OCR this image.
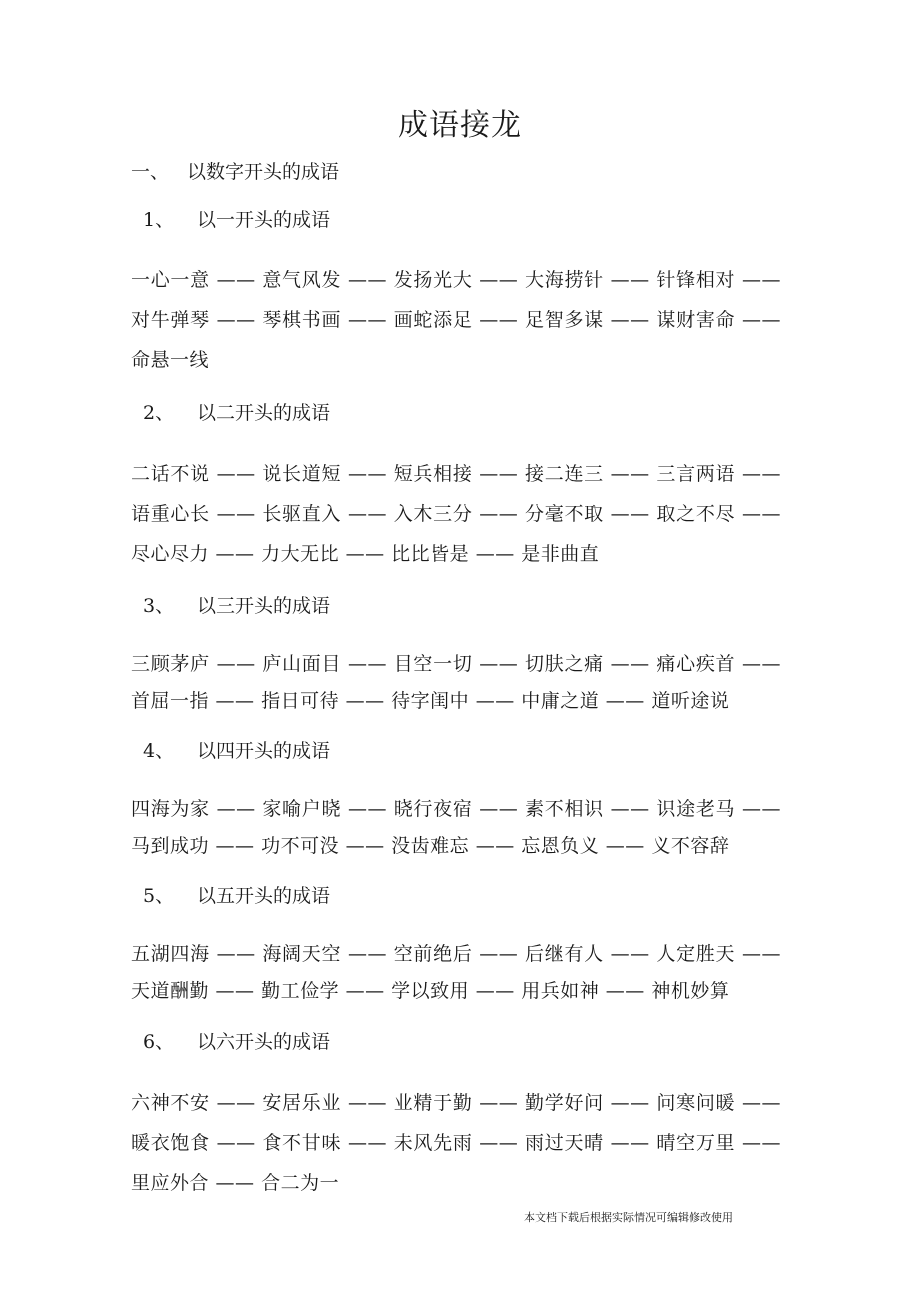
成语接龙
一、 以数字开头的成语
1、 以一开头的成语

一心一意 —— 意气风发 —— 发扬光大 —— 大海捞针 —— 针锋相对 —— 对牛弹琴 —— 琴棋书画 —— 画蛇添足 —— 足智多谋 —— 谋财害命 —— 命悬一线

2、 以二开头的成语

二话不说 —— 说长道短 —— 短兵相接 —— 接二连三 —— 三言两语 —— 语重心长 —— 长驱直入 —— 入木三分 —— 分毫不取 —— 取之不尽 —— 尽心尽力 —— 力大无比 —— 比比皆是 —— 是非曲直

3、 以三开头的成语

三顾茅庐 —— 庐山面目 —— 目空一切 —— 切肤之痛 —— 痛心疾首 —— 首屈一指 —— 指日可待 —— 待字闺中 —— 中庸之道 —— 道听途说

4、 以四开头的成语

四海为家 —— 家喻户晓 —— 晓行夜宿 —— 素不相识 —— 识途老马 —— 马到成功 —— 功不可没 —— 没齿难忘 —— 忘恩负义 —— 义不容辞

5、 以五开头的成语

五湖四海 —— 海阔天空 —— 空前绝后 —— 后继有人 —— 人定胜天 —— 天道酬勤 —— 勤工俭学 —— 学以致用 —— 用兵如神 —— 神机妙算

6、 以六开头的成语

六神不安 —— 安居乐业 —— 业精于勤 —— 勤学好问 —— 问寒问暖 —— 暖衣饱食 —— 食不甘味 —— 未风先雨 —— 雨过天晴 —— 晴空万里 —— 里应外合 —— 合二为一

本文档下载后根据实际情况可编辑修改使用
